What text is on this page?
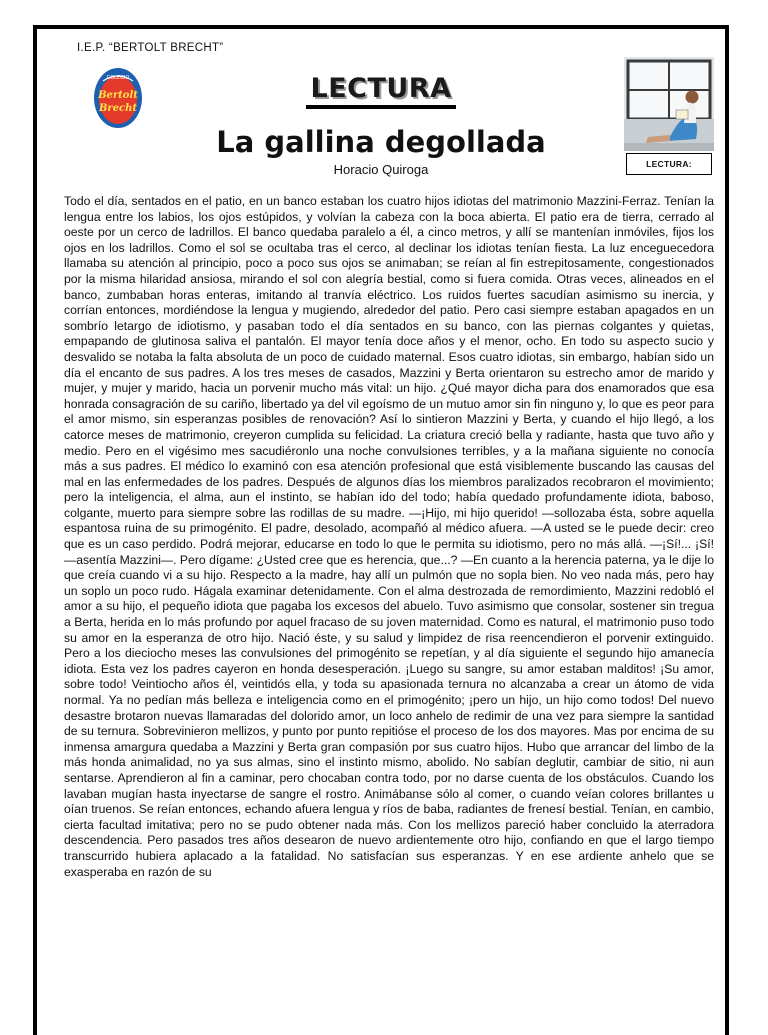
I.E.P. “BERTOLT BRECHT”
COLEGIO
Bertolt
Brecht
LECTURA
La gallina degollada
Horacio Quiroga	LECTURA:

Todo el día, sentados en el patio, en un banco estaban los cuatro hijos idiotas del matrimonio Mazzini-Ferraz. Tenían la lengua entre los labios, los ojos estúpidos, y volvían la cabeza con la boca abierta. El patio era de tierra, cerrado al oeste por un cerco de ladrillos. El banco quedaba paralelo a él, a cinco metros, y allí se mantenían inmóviles, fijos los ojos en los ladrillos. Como el sol se ocultaba tras el cerco, al declinar los idiotas tenían fiesta. La luz enceguecedora llamaba su atención al principio, poco a poco sus ojos se animaban; se reían al fin estrepitosamente, congestionados por la misma hilaridad ansiosa, mirando el sol con alegría bestial, como si fuera comida. Otras veces, alineados en el banco, zumbaban horas enteras, imitando al tranvía eléctrico. Los ruidos fuertes sacudían asimismo su inercia, y corrían entonces, mordiéndose la lengua y mugiendo, alrededor del patio. Pero casi siempre estaban apagados en un sombrío letargo de idiotismo, y pasaban todo el día sentados en su banco, con las piernas colgantes y quietas, empapando de glutinosa saliva el pantalón. El mayor tenía doce años y el menor, ocho. En todo su aspecto sucio y desvalido se notaba la falta absoluta de un poco de cuidado maternal. Esos cuatro idiotas, sin embargo, habían sido un día el encanto de sus padres. A los tres meses de casados, Mazzini y Berta orientaron su estrecho amor de marido y mujer, y mujer y marido, hacia un porvenir mucho más vital: un hijo. ¿Qué mayor dicha para dos enamorados que esa honrada consagración de su cariño, libertado ya del vil egoísmo de un mutuo amor sin fin ninguno y, lo que es peor para el amor mismo, sin esperanzas posibles de renovación? Así lo sintieron Mazzini y Berta, y cuando el hijo llegó, a los catorce meses de matrimonio, creyeron cumplida su felicidad. La criatura creció bella y radiante, hasta que tuvo año y medio. Pero en el vigésimo mes sacudiéronlo una noche convulsiones terribles, y a la mañana siguiente no conocía más a sus padres. El médico lo examinó con esa atención profesional que está visiblemente buscando las causas del mal en las enfermedades de los padres. Después de algunos días los miembros paralizados recobraron el movimiento; pero la inteligencia, el alma, aun el instinto, se habían ido del todo; había quedado profundamente idiota, baboso, colgante, muerto para siempre sobre las rodillas de su madre. —¡Hijo, mi hijo querido! —sollozaba ésta, sobre aquella espantosa ruina de su primogénito. El padre, desolado, acompañó al médico afuera. —A usted se le puede decir: creo que es un caso perdido. Podrá mejorar, educarse en todo lo que le permita su idiotismo, pero no más allá. —¡Sí!... ¡Sí! —asentía Mazzini—. Pero dígame: ¿Usted cree que es herencia, que...? —En cuanto a la herencia paterna, ya le dije lo que creía cuando vi a su hijo. Respecto a la madre, hay allí un pulmón que no sopla bien. No veo nada más, pero hay un soplo un poco rudo. Hágala examinar detenidamente. Con el alma destrozada de remordimiento, Mazzini redobló el amor a su hijo, el pequeño idiota que pagaba los excesos del abuelo. Tuvo asimismo que consolar, sostener sin tregua a Berta, herida en lo más profundo por aquel fracaso de su joven maternidad. Como es natural, el matrimonio puso todo su amor en la esperanza de otro hijo. Nació éste, y su salud y limpidez de risa reencendieron el porvenir extinguido. Pero a los dieciocho meses las convulsiones del primogénito se repetían, y al día siguiente el segundo hijo amanecía idiota. Esta vez los padres cayeron en honda desesperación. ¡Luego su sangre, su amor estaban malditos! ¡Su amor, sobre todo! Veintiocho años él, veintidós ella, y toda su apasionada ternura no alcanzaba a crear un átomo de vida normal. Ya no pedían más belleza e inteligencia como en el primogénito; ¡pero un hijo, un hijo como todos! Del nuevo desastre brotaron nuevas llamaradas del dolorido amor, un loco anhelo de redimir de una vez para siempre la santidad de su ternura. Sobrevinieron mellizos, y punto por punto repitióse el proceso de los dos mayores. Mas por encima de su inmensa amargura quedaba a Mazzini y Berta gran compasión por sus cuatro hijos. Hubo que arrancar del limbo de la más honda animalidad, no ya sus almas, sino el instinto mismo, abolido. No sabían deglutir, cambiar de sitio, ni aun sentarse. Aprendieron al fin a caminar, pero chocaban contra todo, por no darse cuenta de los obstáculos. Cuando los lavaban mugían hasta inyectarse de sangre el rostro. Animábanse sólo al comer, o cuando veían colores brillantes u oían truenos. Se reían entonces, echando afuera lengua y ríos de baba, radiantes de frenesí bestial. Tenían, en cambio, cierta facultad imitativa; pero no se pudo obtener nada más. Con los mellizos pareció haber concluido la aterradora descendencia. Pero pasados tres años desearon de nuevo ardientemente otro hijo, confiando en que el largo tiempo transcurrido hubiera aplacado a la fatalidad. No satisfacían sus esperanzas. Y en ese ardiente anhelo que se exasperaba en razón de su
